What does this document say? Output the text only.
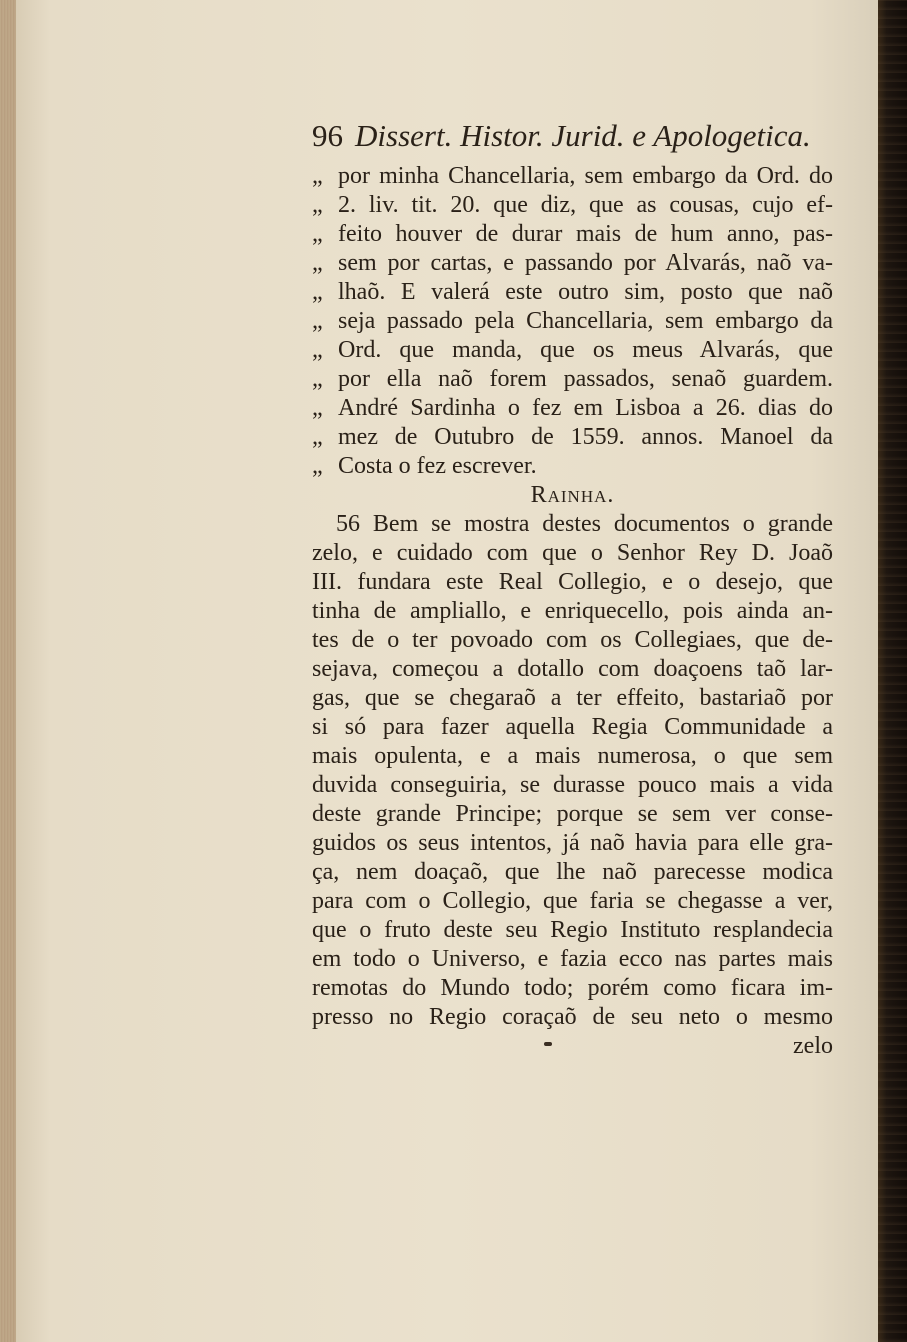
96 Dissert. Histor. Jurid. e Apologetica.
„ por minha Chancellaria, sem embargo da Ord. do
„ 2. liv. tit. 20. que diz, que as cousas, cujo ef-
„ feito houver de durar mais de hum anno, pas-
„ sem por cartas, e passando por Alvarás, naõ va-
„ lhaõ. E valerá este outro sim, posto que naõ
„ seja passado pela Chancellaria, sem embargo da
„ Ord. que manda, que os meus Alvarás, que
„ por ella naõ forem passados, senaõ guardem.
„ André Sardinha o fez em Lisboa a 26. dias do
„ mez de Outubro de 1559. annos. Manoel da
„ Costa o fez escrever.
Rainha.
56 Bem se mostra destes documentos o grande
zelo, e cuidado com que o Senhor Rey D. Joaõ
III. fundara este Real Collegio, e o desejo, que
tinha de ampliallo, e enriquecello, pois ainda an-
tes de o ter povoado com os Collegiaes, que de-
sejava, começou a dotallo com doaçoens taõ lar-
gas, que se chegaraõ a ter effeito, bastariaõ por
si só para fazer aquella Regia Communidade a
mais opulenta, e a mais numerosa, o que sem
duvida conseguiria, se durasse pouco mais a vida
deste grande Principe; porque se sem ver conse-
guidos os seus intentos, já naõ havia para elle gra-
ça, nem doaçaõ, que lhe naõ parecesse modica
para com o Collegio, que faria se chegasse a ver,
que o fruto deste seu Regio Instituto resplandecia
em todo o Universo, e fazia ecco nas partes mais
remotas do Mundo todo; porém como ficara im-
presso no Regio coraçaõ de seu neto o mesmo
zelo
